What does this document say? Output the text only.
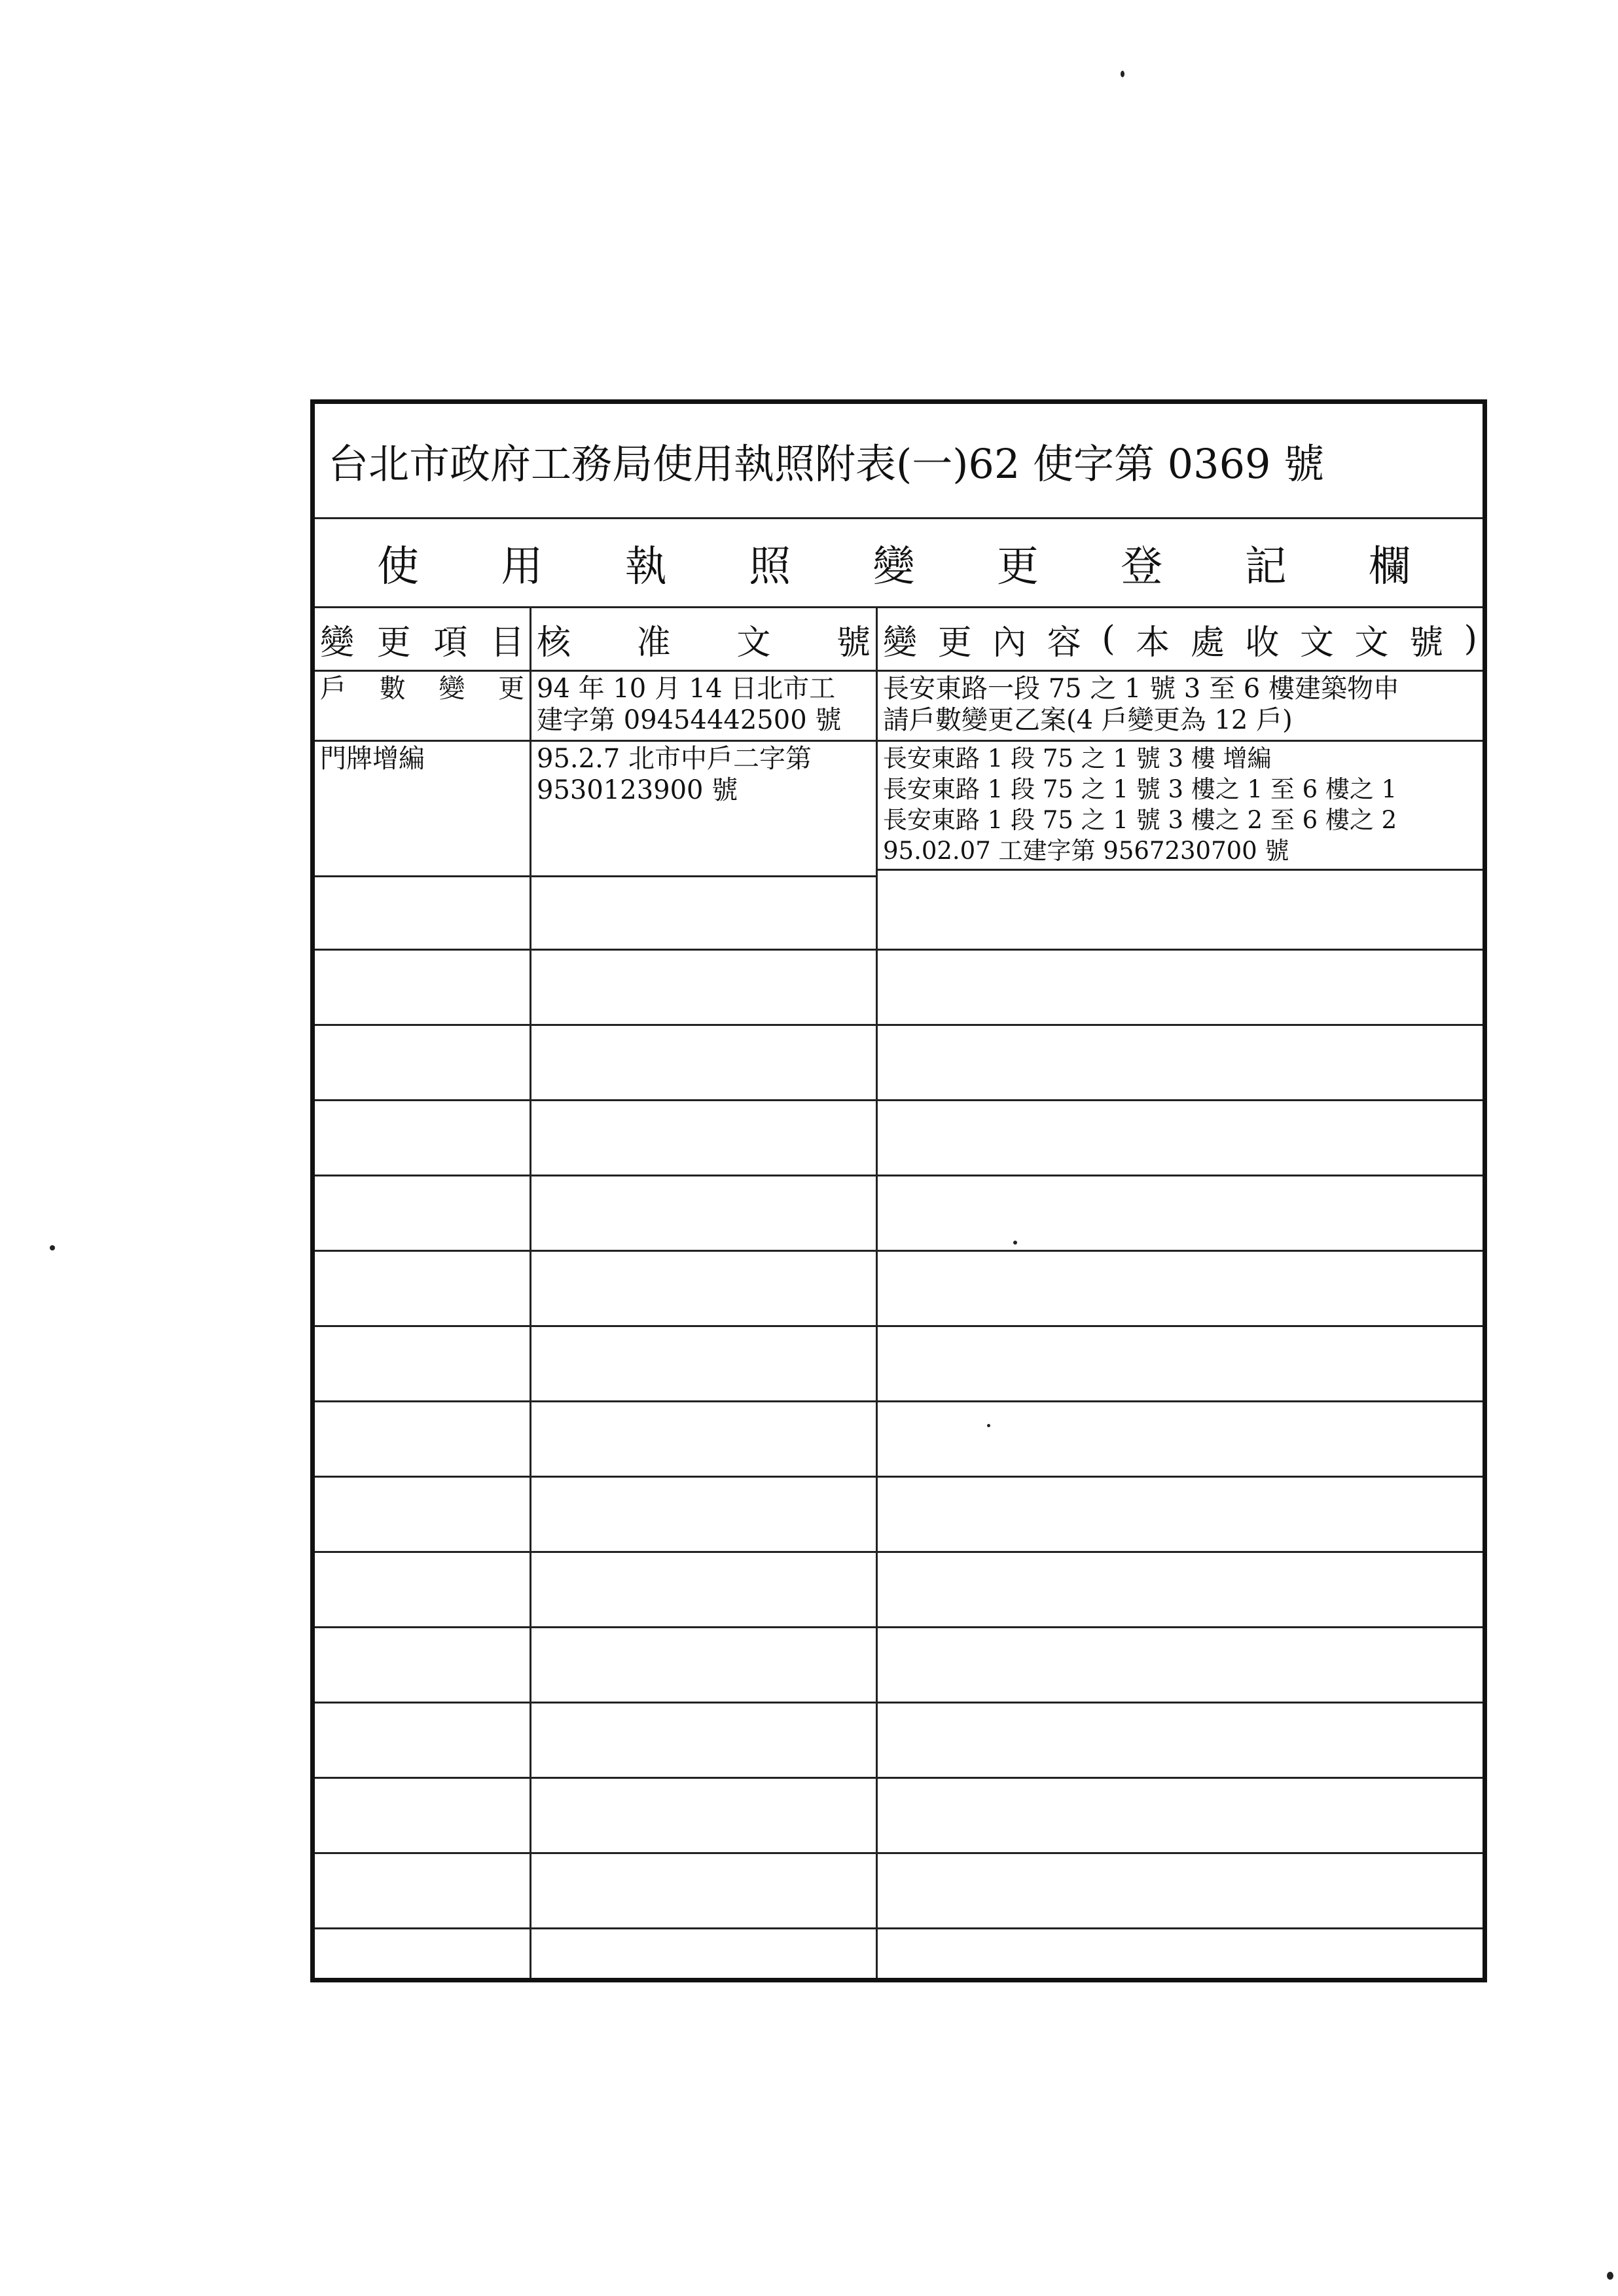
台北市政府工務局使用執照附表(一)62 使字第 0369 號
使 用 執 照 變 更 登 記 欄
變 更 項 目 核 准 文 號 變 更 內 容 ( 本 處 收 文 文 號 )
戶 數 變 更 94 年 10 月 14 日北市工
建字第 09454442500 號
長安東路一段 75 之 1 號 3 至 6 樓建築物申
請戶數變更乙案(4 戶變更為 12 戶)
門牌增編	95.2.7 北市中戶二字第
9530123900 號
長安東路 1 段 75 之 1 號 3 樓 增編
長安東路 1 段 75 之 1 號 3 樓之 1 至 6 樓之 1
長安東路 1 段 75 之 1 號 3 樓之 2 至 6 樓之 2
95.02.07 工建字第 9567230700 號
